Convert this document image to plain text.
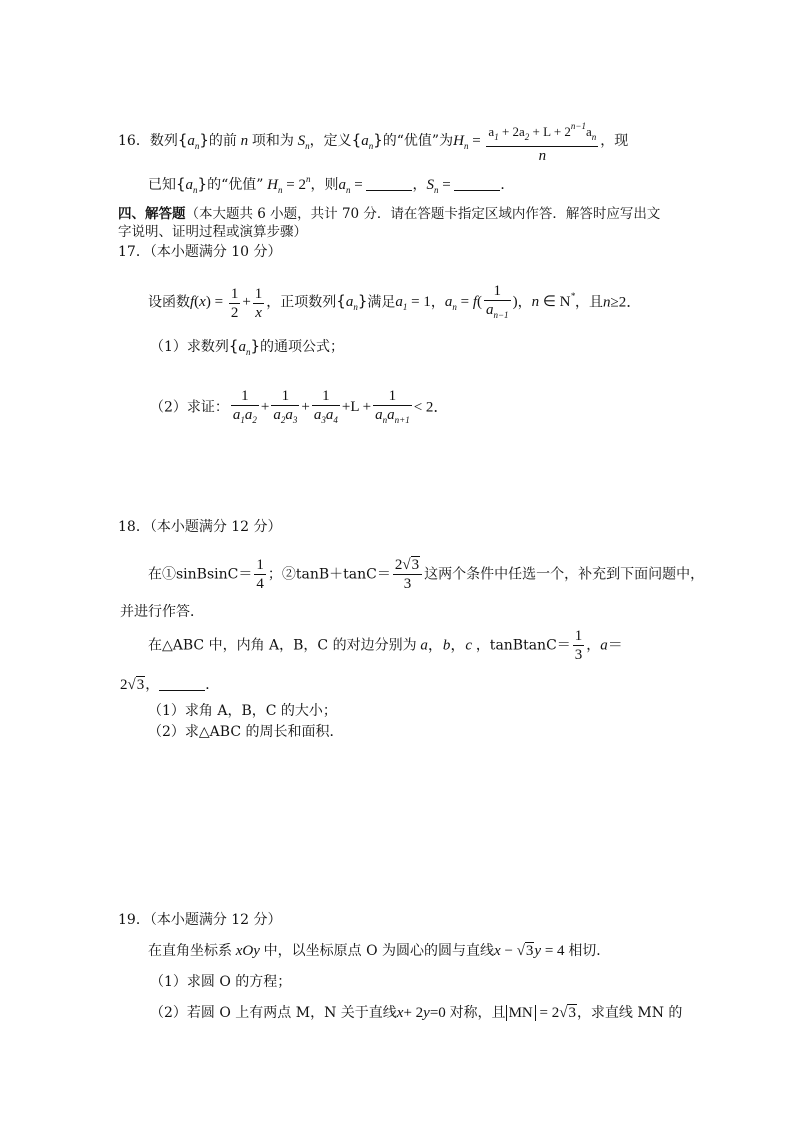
16．数列$\{a_n\}$的前 n 项和为 $S_n$，定义$\{a_n\}$的“优值”为$H_n = \frac{a_1 + 2a_2 + L + 2^{n-1}a_n}{n}$ ，现
已知$\{a_n\}$的“优值” $H_n = 2^n$，则$a_n$ =	，$S_n$ =	．
四、解答题（本大题共 6 小题，共计 70 分．请在答题卡指定区域内作答．解答时应写出文
字说明、证明过程或演算步骤）
17．（本小题满分 10 分）
设函数$f(x) = \frac{1}{2} + \frac{1}{x}$ ，正项数列$\{a_n\}$满足$a_1 = 1$，$a_n = f( \frac{1}{a_{n-1}}$ )，n ∈ N*，且n≥2．
（1）求数列$\{a_n\}$的通项公式；
（2）求证： $\frac{1}{a_1a_2} + \frac{1}{a_2a_3} + \frac{1}{a_3a_4} +L + \frac{1}{a_na_{n+1}} < 2$．
18．（本小题满分 12 分）
在①sinBsinC＝ $\frac{1}{4}$ ；②tanB＋tanC＝ $\frac{2√3}{3}$ 这两个条件中任选一个，补充到下面问题中，
并进行作答．
在△ABC 中，内角 A，B，C 的对边分别为 a，b，c ，tanBtanC＝ $\frac{1}{3}$ ，a＝
2√3，	．
（1）求角 A，B，C 的大小；
（2）求△ABC 的周长和面积．
19．（本小题满分 12 分）
在直角坐标系 xOy 中，以坐标原点 O 为圆心的圆与直线x − √3y = 4 相切．
（1）求圆 O 的方程；
（2）若圆 O 上有两点 M，N 关于直线x+ 2y=0 对称，且 MN = 2√3，求直线 MN 的
